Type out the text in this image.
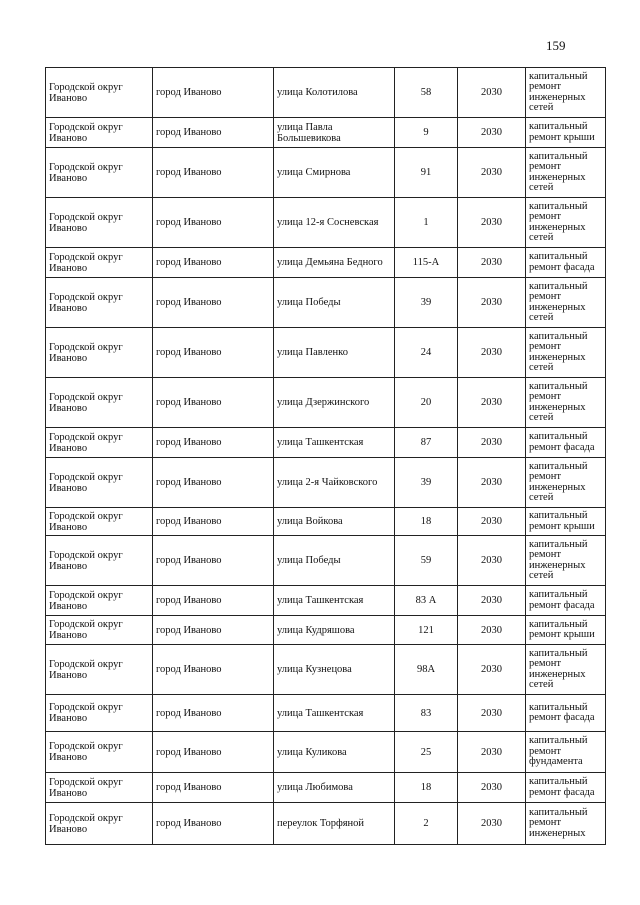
159
Городской округ Иваново	город Иваново	улица Колотилова	58	2030	капитальный ремонт инженерных сетей
Городской округ Иваново	город Иваново	улица Павла Большевикова	9	2030	капитальный ремонт крыши
Городской округ Иваново	город Иваново	улица Смирнова	91	2030	капитальный ремонт инженерных сетей
Городской округ Иваново	город Иваново	улица 12-я Сосневская	1	2030	капитальный ремонт инженерных сетей
Городской округ Иваново	город Иваново	улица Демьяна Бедного	115-А	2030	капитальный ремонт фасада
Городской округ Иваново	город Иваново	улица Победы	39	2030	капитальный ремонт инженерных сетей
Городской округ Иваново	город Иваново	улица Павленко	24	2030	капитальный ремонт инженерных сетей
Городской округ Иваново	город Иваново	улица Дзержинского	20	2030	капитальный ремонт инженерных сетей
Городской округ Иваново	город Иваново	улица Ташкентская	87	2030	капитальный ремонт фасада
Городской округ Иваново	город Иваново	улица 2-я Чайковского	39	2030	капитальный ремонт инженерных сетей
Городской округ Иваново	город Иваново	улица Войкова	18	2030	капитальный ремонт крыши
Городской округ Иваново	город Иваново	улица Победы	59	2030	капитальный ремонт инженерных сетей
Городской округ Иваново	город Иваново	улица Ташкентская	83 А	2030	капитальный ремонт фасада
Городской округ Иваново	город Иваново	улица Кудряшова	121	2030	капитальный ремонт крыши
Городской округ Иваново	город Иваново	улица Кузнецова	98А	2030	капитальный ремонт инженерных сетей
Городской округ Иваново	город Иваново	улица Ташкентская	83	2030	капитальный ремонт фасада
Городской округ Иваново	город Иваново	улица Куликова	25	2030	капитальный ремонт фундамента
Городской округ Иваново	город Иваново	улица Любимова	18	2030	капитальный ремонт фасада
Городской округ Иваново	город Иваново	переулок Торфяной	2	2030	капитальный ремонт инженерных
